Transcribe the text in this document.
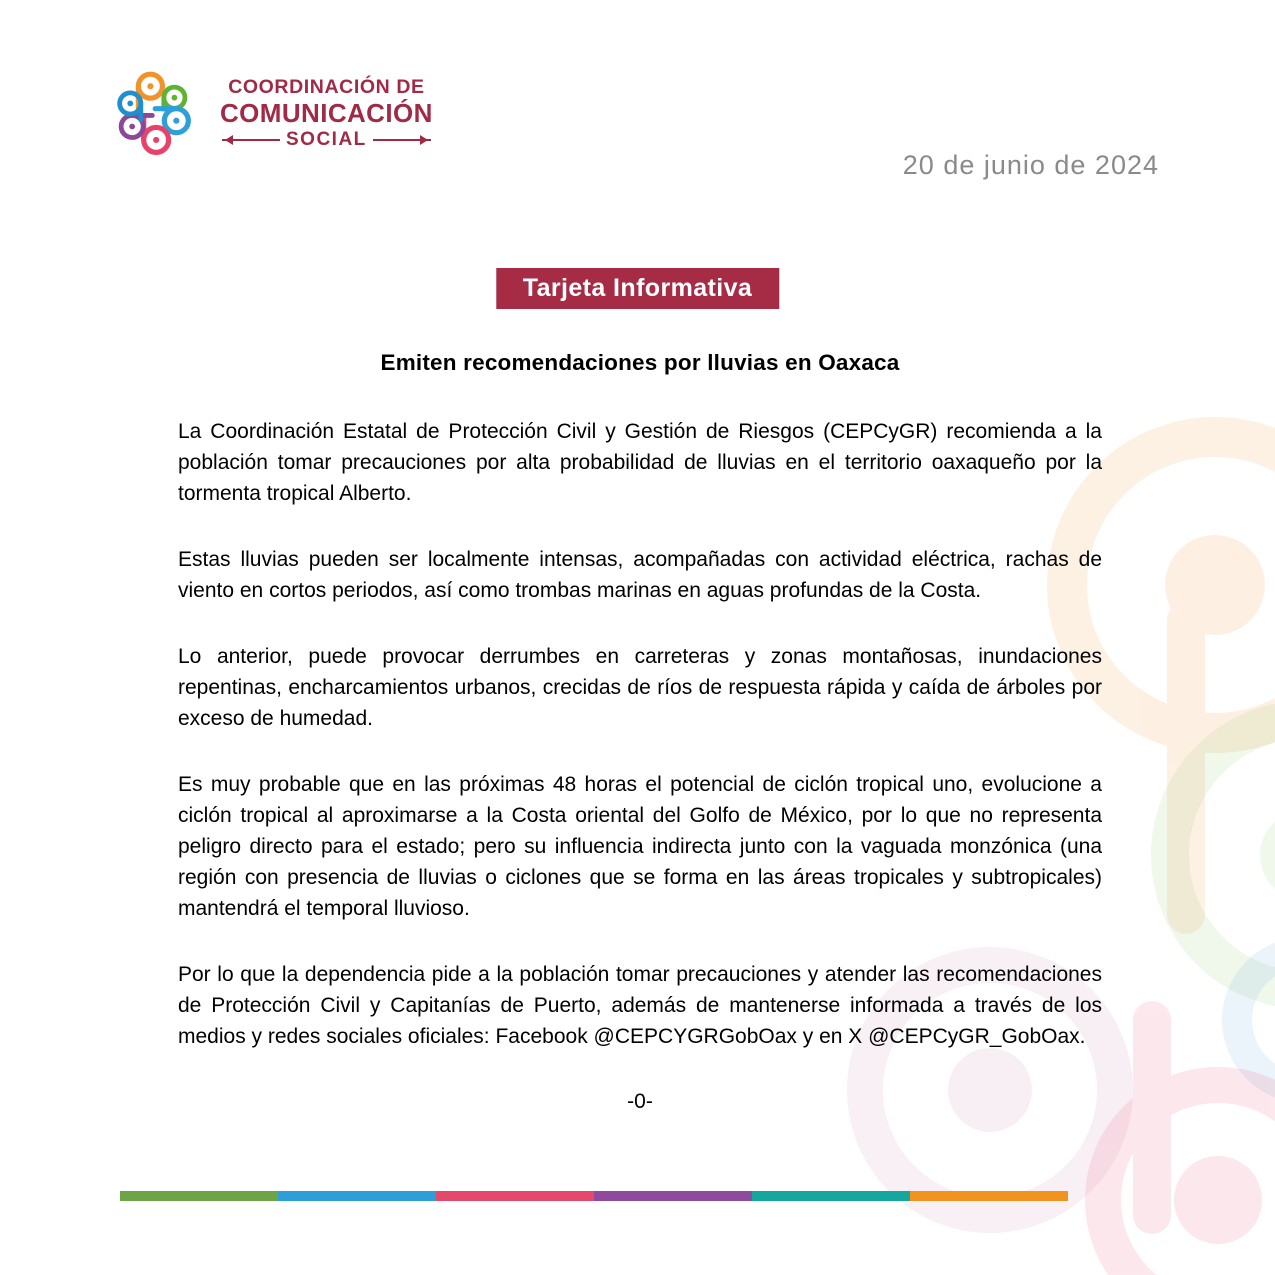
COORDINACIÓN DE
COMUNICACIÓN
SOCIAL
20 de junio de 2024
Tarjeta Informativa
Emiten recomendaciones por lluvias en Oaxaca

La Coordinación Estatal de Protección Civil y Gestión de Riesgos (CEPCyGR) recomienda a la población tomar precauciones por alta probabilidad de lluvias en el territorio oaxaqueño por la tormenta tropical Alberto.

Estas lluvias pueden ser localmente intensas, acompañadas con actividad eléctrica, rachas de viento en cortos periodos, así como trombas marinas en aguas profundas de la Costa.

Lo anterior, puede provocar derrumbes en carreteras y zonas montañosas, inundaciones repentinas, encharcamientos urbanos, crecidas de ríos de respuesta rápida y caída de árboles por exceso de humedad.

Es muy probable que en las próximas 48 horas el potencial de ciclón tropical uno, evolucione a ciclón tropical al aproximarse a la Costa oriental del Golfo de México, por lo que no representa peligro directo para el estado; pero su influencia indirecta junto con la vaguada monzónica (una región con presencia de lluvias o ciclones que se forma en las áreas tropicales y subtropicales) mantendrá el temporal lluvioso.

Por lo que la dependencia pide a la población tomar precauciones y atender las recomendaciones de Protección Civil y Capitanías de Puerto, además de mantenerse informada a través de los medios y redes sociales oficiales: Facebook @CEPCYGRGobOax y en X @CEPCyGR_GobOax.

-0-
